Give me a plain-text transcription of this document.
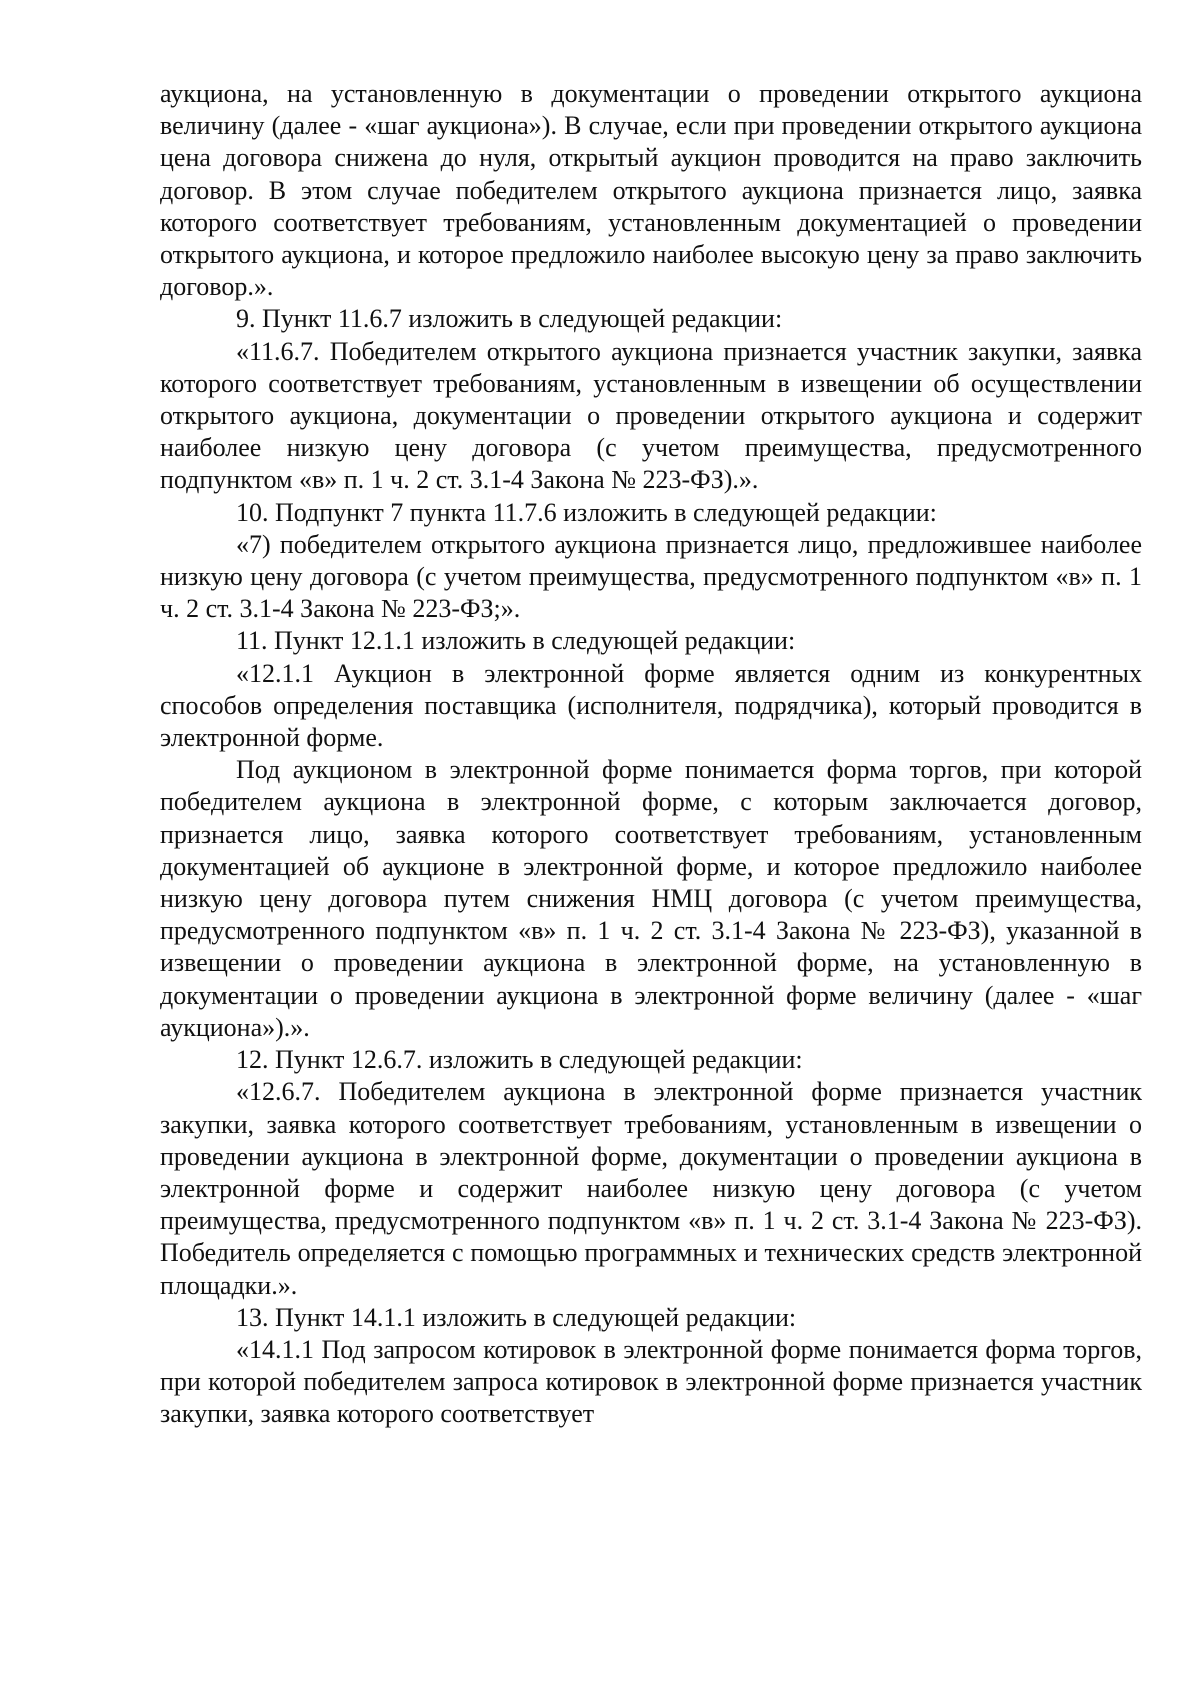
аукциона, на установленную в документации о проведении открытого аукциона величину (далее - «шаг аукциона»). В случае, если при проведении открытого аукциона цена договора снижена до нуля, открытый аукцион проводится на право заключить договор. В этом случае победителем открытого аукциона признается лицо, заявка которого соответствует требованиям, установленным документацией о проведении открытого аукциона, и которое предложило наиболее высокую цену за право заключить договор.».

9. Пункт 11.6.7 изложить в следующей редакции:

«11.6.7. Победителем открытого аукциона признается участник закупки, заявка которого соответствует требованиям, установленным в извещении об осуществлении открытого аукциона, документации о проведении открытого аукциона и содержит наиболее низкую цену договора (с учетом преимущества, предусмотренного подпунктом «в» п. 1 ч. 2 ст. 3.1-4 Закона № 223-ФЗ).».

10. Подпункт 7 пункта 11.7.6 изложить в следующей редакции:

«7) победителем открытого аукциона признается лицо, предложившее наиболее низкую цену договора (с учетом преимущества, предусмотренного подпунктом «в» п. 1 ч. 2 ст. 3.1-4 Закона № 223-ФЗ;».

11. Пункт 12.1.1 изложить в следующей редакции:

«12.1.1 Аукцион в электронной форме является одним из конкурентных способов определения поставщика (исполнителя, подрядчика), который проводится в электронной форме.

Под аукционом в электронной форме понимается форма торгов, при которой победителем аукциона в электронной форме, с которым заключается договор, признается лицо, заявка которого соответствует требованиям, установленным документацией об аукционе в электронной форме, и которое предложило наиболее низкую цену договора путем снижения НМЦ договора (с учетом преимущества, предусмотренного подпунктом «в» п. 1 ч. 2 ст. 3.1-4 Закона № 223-ФЗ), указанной в извещении о проведении аукциона в электронной форме, на установленную в документации о проведении аукциона в электронной форме величину (далее - «шаг аукциона»).».

12. Пункт 12.6.7. изложить в следующей редакции:

«12.6.7. Победителем аукциона в электронной форме признается участник закупки, заявка которого соответствует требованиям, установленным в извещении о проведении аукциона в электронной форме, документации о проведении аукциона в электронной форме и содержит наиболее низкую цену договора (с учетом преимущества, предусмотренного подпунктом «в» п. 1 ч. 2 ст. 3.1-4 Закона № 223-ФЗ). Победитель определяется с помощью программных и технических средств электронной площадки.».

13. Пункт 14.1.1 изложить в следующей редакции:

«14.1.1 Под запросом котировок в электронной форме понимается форма торгов, при которой победителем запроса котировок в электронной форме признается участник закупки, заявка которого соответствует
